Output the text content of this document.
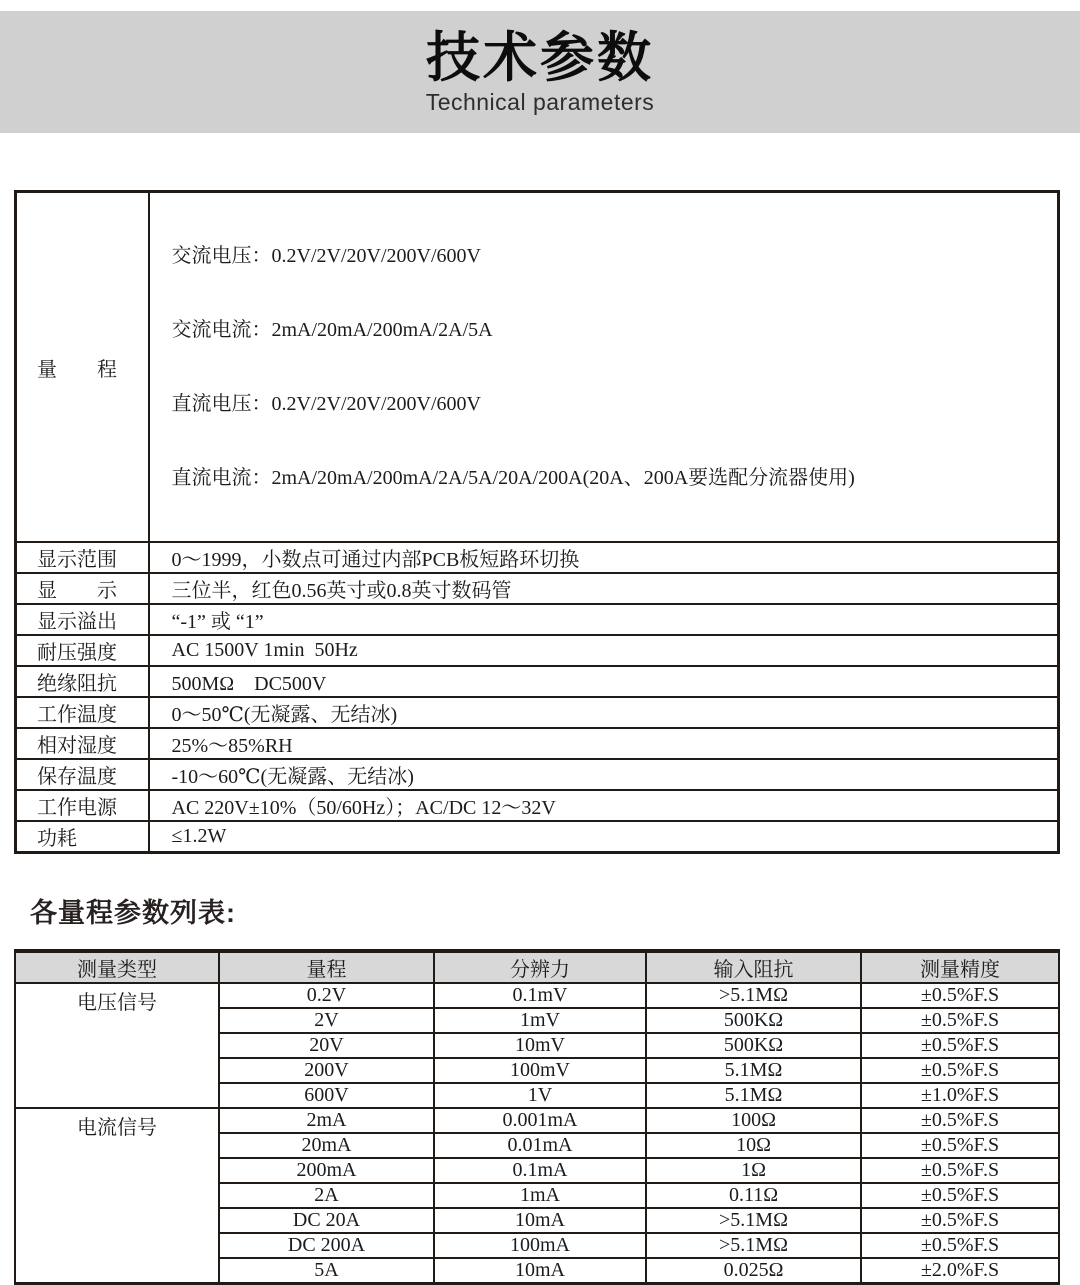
技术参数
Technical parameters
量　　程	交流电压：0.2V/2V/20V/200V/600V

交流电流：2mA/20mA/200mA/2A/5A

直流电压：0.2V/2V/20V/200V/600V

直流电流：2mA/20mA/200mA/2A/5A/20A/200A(20A、200A要选配分流器使用)

显示范围	0～1999，小数点可通过内部PCB板短路环切换
显　　示	三位半，红色0.56英寸或0.8英寸数码管
显示溢出	“-1” 或 “1”
耐压强度	AC 1500V 1min  50Hz
绝缘阻抗	500MΩ　DC500V
工作温度	0～50℃(无凝露、无结冰)
相对湿度	25%～85%RH
保存温度	-10～60℃(无凝露、无结冰)
工作电源	AC 220V±10%（50/60Hz）；AC/DC 12～32V
功耗	≤1.2W
各量程参数列表:
测量类型	量程	分辨力	输入阻抗	测量精度
电压信号	0.2V	0.1mV	>5.1MΩ	±0.5%F.S
	2V	1mV	500KΩ	±0.5%F.S
	20V	10mV	500KΩ	±0.5%F.S
	200V	100mV	5.1MΩ	±0.5%F.S
	600V	1V	5.1MΩ	±1.0%F.S
电流信号	2mA	0.001mA	100Ω	±0.5%F.S
	20mA	0.01mA	10Ω	±0.5%F.S
	200mA	0.1mA	1Ω	±0.5%F.S
	2A	1mA	0.11Ω	±0.5%F.S
	DC 20A	10mA	>5.1MΩ	±0.5%F.S
	DC 200A	100mA	>5.1MΩ	±0.5%F.S
	5A	10mA	0.025Ω	±2.0%F.S
